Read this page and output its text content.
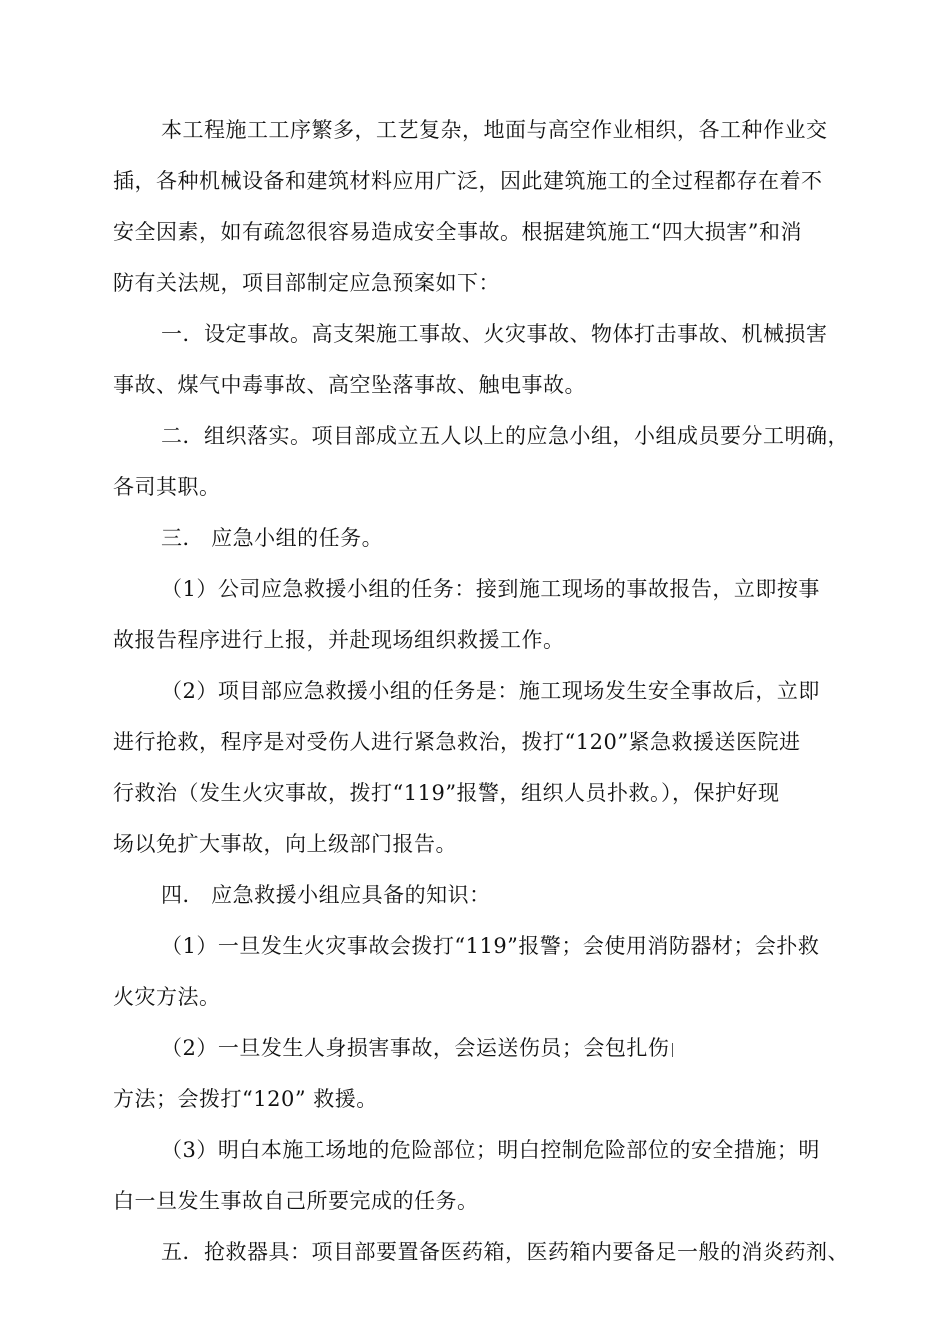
本工程施工工序繁多，工艺复杂，地面与高空作业相织，各工种作业交
插，各种机械设备和建筑材料应用广泛，因此建筑施工的全过程都存在着不
安全因素，如有疏忽很容易造成安全事故。根据建筑施工“四大损害”和消
防有关法规，项目部制定应急预案如下：
一．设定事故。高支架施工事故、火灾事故、物体打击事故、机械损害
事故、煤气中毒事故、高空坠落事故、触电事故。
二．组织落实。项目部成立五人以上的应急小组，小组成员要分工明确，
各司其职。
三． 应急小组的任务。
（1）公司应急救援小组的任务：接到施工现场的事故报告，立即按事
故报告程序进行上报，并赴现场组织救援工作。
（2）项目部应急救援小组的任务是：施工现场发生安全事故后，立即
进行抢救，程序是对受伤人进行紧急救治，拨打“120”紧急救援送医院进
行救治（发生火灾事故，拨打“119”报警，组织人员扑救。），保护好现
场以免扩大事故，向上级部门报告。
四． 应急救援小组应具备的知识：
（1）一旦发生火灾事故会拨打“119”报警；会使用消防器材；会扑救
火灾方法。
（2）一旦发生人身损害事故，会运送伤员；会包扎伤
方法；会拨打“120” 救援。
（3）明白本施工场地的危险部位；明白控制危险部位的安全措施；明
白一旦发生事故自己所要完成的任务。
五．抢救器具：项目部要置备医药箱，医药箱内要备足一般的消炎药剂、
